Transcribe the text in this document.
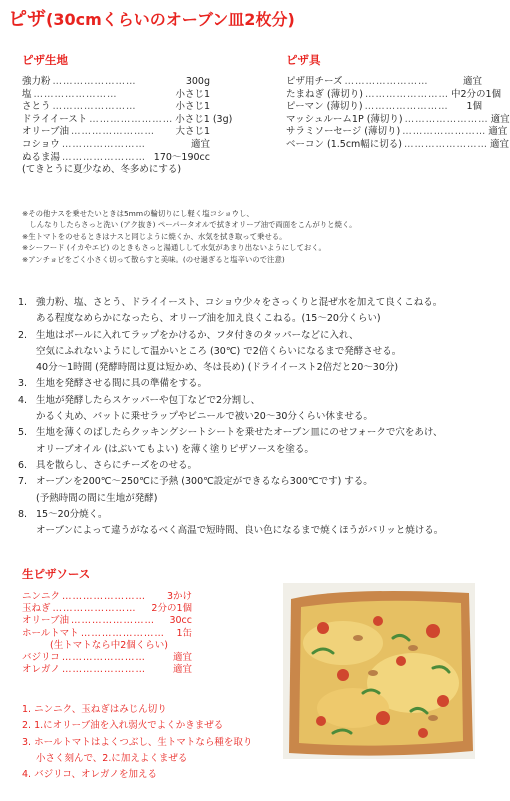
ピザ(30cmくらいのオーブン皿2枚分)
ピザ生地
強力粉 ……………………	300g
塩 ……………………	小さじ1
さとう ……………………	小さじ1
ドライイースト …………………… 小さじ1 (3g)
オリーブ油 ……………………	大さじ1
コショウ ……………………	適宜
ぬるま湯 …………………… 170～190cc
(てきとうに夏少なめ、冬多めにする)
ピザ具
ピザ用チーズ ……………………	適宜
たまねぎ (薄切り) …………………… 中2分の1個
ピーマン (薄切り) ……………………	1個
マッシュルーム1P (薄切り) …………………… 適宜
サラミソーセージ (薄切り) …………………… 適宜
ベーコン (1.5cm幅に切る) …………………… 適宜
※その他ナスを乗せたいときは5mmの輪切りにし軽く塩コショウし、
　しんなりしたらさっと洗い (アク抜き) ペーパータオルで拭きオリーブ油で両面をこんがりと焼く。
※生トマトをのせるときはナスと同じように焼くか、水気を拭き取って乗せる。
※シーフード (イカやエビ) のときもさっと湯通しして水気があまり出ないようにしておく。
※アンチョビをごく小さく切って散らすと美味。(のせ過ぎると塩辛いので注意)
1. 強力粉、塩、さとう、ドライイースト、コショウ少々をさっくりと混ぜ水を加えて良くこねる。
ある程度なめらかになったら、オリーブ油を加え良くこねる。(15～20分くらい)
2. 生地はボールに入れてラップをかけるか、フタ付きのタッパーなどに入れ、
空気にふれないようにして温かいところ (30℃) で2倍くらいになるまで発酵させる。
40分～1時間 (発酵時間は夏は短かめ、冬は長め) (ドライイースト2倍だと20～30分)
3. 生地を発酵させる間に具の準備をする。
4. 生地が発酵したらスケッパーや包丁などで2分割し、
かるく丸め、バットに乗せラップやビニールで被い20～30分くらい休ませる。
5. 生地を薄くのばしたらクッキングシートシートを乗せたオーブン皿にのせフォークで穴をあけ、
オリーブオイル (はぶいてもよい) を薄く塗りピザソースを塗る。
6. 具を散らし、さらにチーズをのせる。
7. オーブンを200℃～250℃に予熱 (300℃設定ができるなら300℃です) する。
(予熱時間の間に生地が発酵)
8. 15～20分焼く。
オーブンによって違うがなるべく高温で短時間、良い色になるまで焼くほうがパリッと焼ける。
生ピザソース
ニンニク ……………………	3かけ
玉ねぎ ……………………	2分の1個
オリーブ油 ……………………	30cc
ホールトマト ……………………	1缶
(生トマトなら中2個くらい)
バジリコ ……………………	適宜
オレガノ ……………………	適宜
1. ニンニク、玉ねぎはみじん切り
2. 1.にオリーブ油を入れ弱火でよくかきまぜる
3. ホールトマトはよくつぶし、生トマトなら種を取り
小さく刻んで、2.に加えよくまぜる
4. バジリコ、オレガノを加える
